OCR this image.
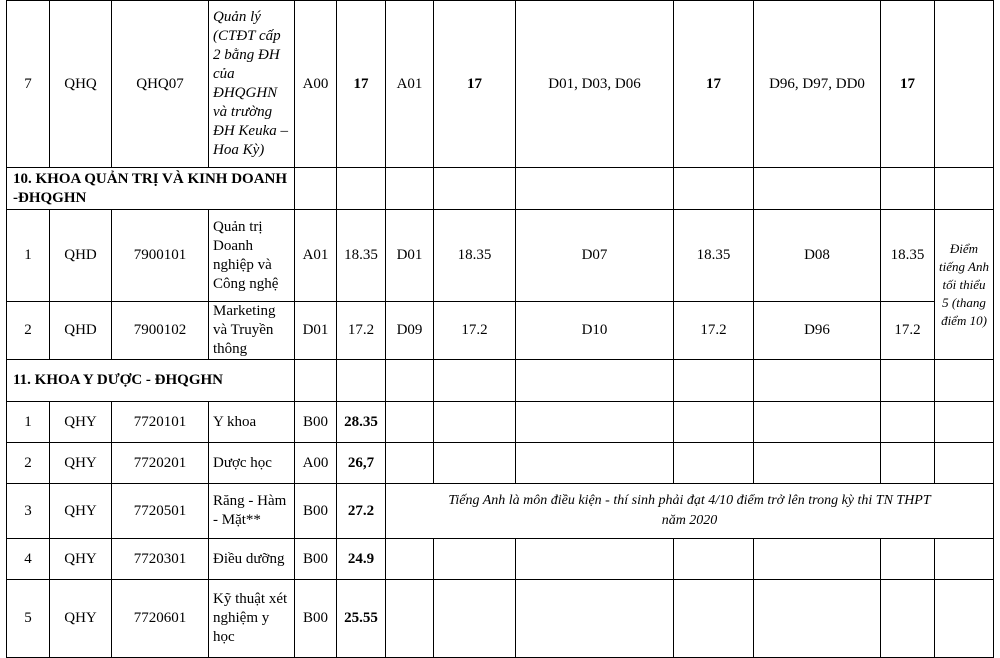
7	QHQ	QHQ07	Quản lý (CTĐT cấp 2 bằng ĐH của ĐHQGHN và trường ĐH Keuka – Hoa Kỳ)	A00	17	A01	17	D01, D03, D06	17	D96, D97, DD0	17	
10. KHOA QUẢN TRỊ VÀ KINH DOANH -ĐHQGHN												
1	QHD	7900101	Quản trị Doanh nghiệp và Công nghệ	A01	18.35	D01	18.35	D07	18.35	D08	18.35	Điểm tiếng Anh tối thiểu 5 (thang điểm 10)
2	QHD	7900102	Marketing và Truyền thông	D01	17.2	D09	17.2	D10	17.2	D96	17.2	
11. KHOA Y DƯỢC - ĐHQGHN												
1	QHY	7720101	Y khoa	B00	28.35							
2	QHY	7720201	Dược học	A00	26,7							
3	QHY	7720501	Răng - Hàm - Mặt**	B00	27.2	Tiếng Anh là môn điều kiện - thí sinh phải đạt 4/10 điểm trở lên trong kỳ thi TN THPT năm 2020						
4	QHY	7720301	Điều dưỡng	B00	24.9							
5	QHY	7720601	Kỹ thuật xét nghiệm y học	B00	25.55							
